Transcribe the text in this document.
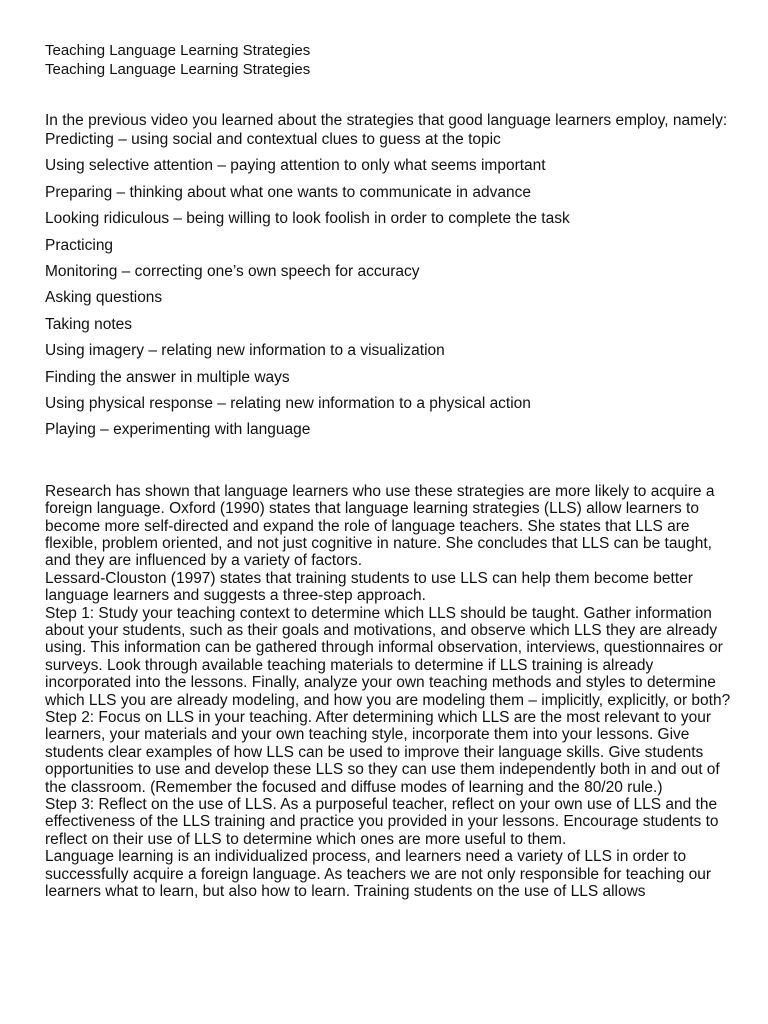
Teaching Language Learning Strategies

Teaching Language Learning Strategies

In the previous video you learned about the strategies that good language learners employ, namely:

Predicting – using social and contextual clues to guess at the topic
Using selective attention – paying attention to only what seems important
Preparing – thinking about what one wants to communicate in advance
Looking ridiculous – being willing to look foolish in order to complete the task
Practicing
Monitoring – correcting one’s own speech for accuracy
Asking questions
Taking notes
Using imagery – relating new information to a visualization
Finding the answer in multiple ways
Using physical response – relating new information to a physical action
Playing – experimenting with language

Research has shown that language learners who use these strategies are more likely to acquire a foreign language. Oxford (1990) states that language learning strategies (LLS) allow learners to become more self-directed and expand the role of language teachers. She states that LLS are flexible, problem oriented, and not just cognitive in nature. She concludes that LLS can be taught, and they are influenced by a variety of factors.

Lessard-Clouston (1997) states that training students to use LLS can help them become better language learners and suggests a three-step approach.

Step 1: Study your teaching context to determine which LLS should be taught. Gather information about your students, such as their goals and motivations, and observe which LLS they are already using. This information can be gathered through informal observation, interviews, questionnaires or surveys. Look through available teaching materials to determine if LLS training is already incorporated into the lessons. Finally, analyze your own teaching methods and styles to determine which LLS you are already modeling, and how you are modeling them – implicitly, explicitly, or both?

Step 2: Focus on LLS in your teaching. After determining which LLS are the most relevant to your learners, your materials and your own teaching style, incorporate them into your lessons. Give students clear examples of how LLS can be used to improve their language skills. Give students opportunities to use and develop these LLS so they can use them independently both in and out of the classroom. (Remember the focused and diffuse modes of learning and the 80/20 rule.)

Step 3: Reflect on the use of LLS. As a purposeful teacher, reflect on your own use of LLS and the effectiveness of the LLS training and practice you provided in your lessons. Encourage students to reflect on their use of LLS to determine which ones are more useful to them.

Language learning is an individualized process, and learners need a variety of LLS in order to successfully acquire a foreign language. As teachers we are not only responsible for teaching our learners what to learn, but also how to learn. Training students on the use of LLS allows
